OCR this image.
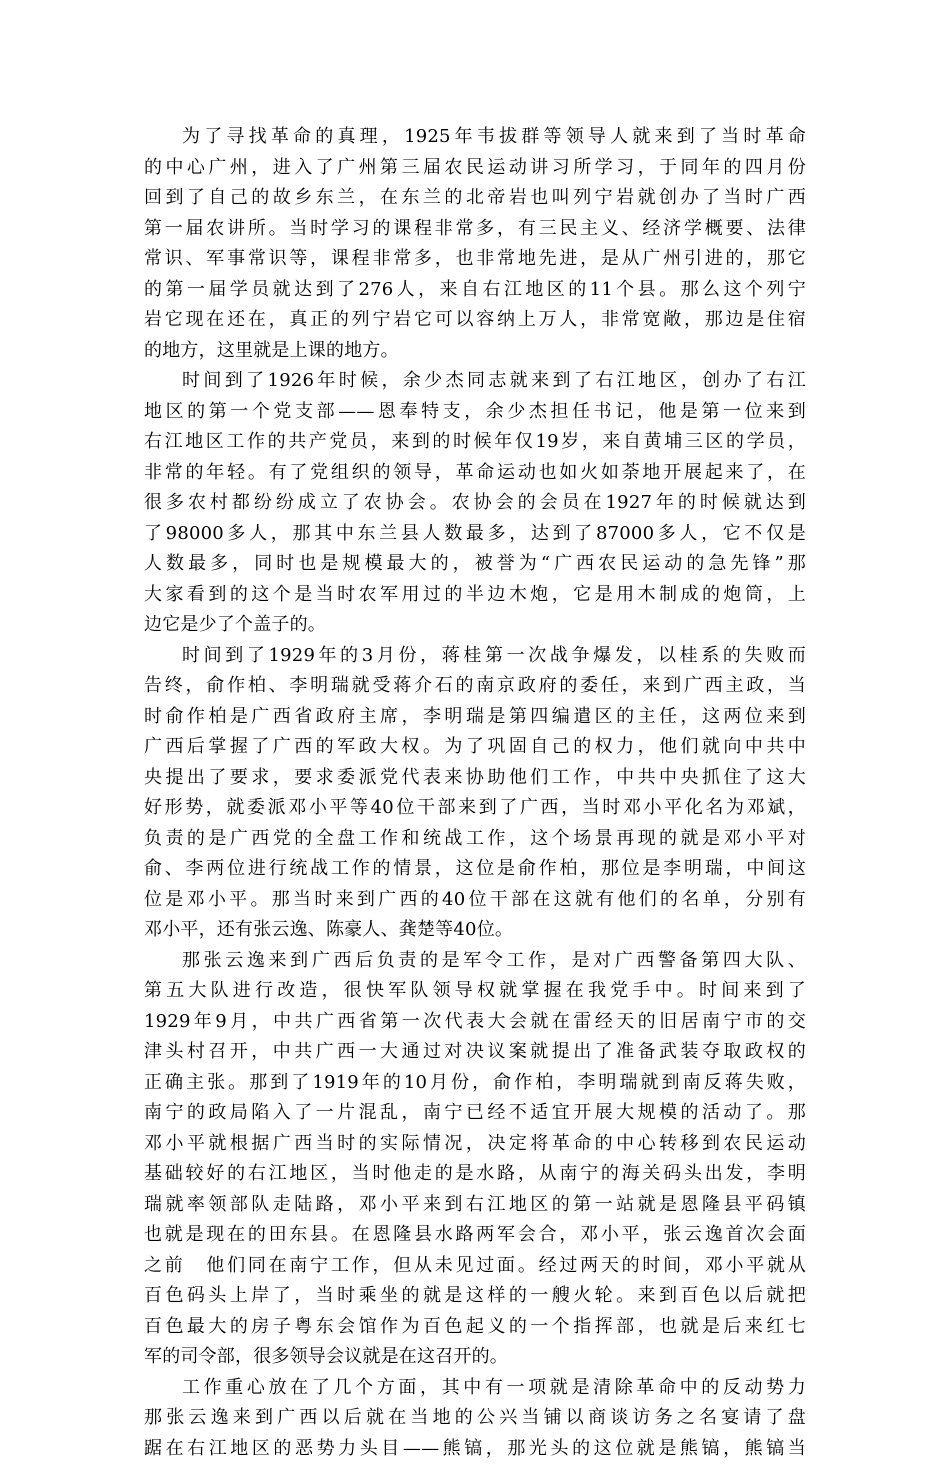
为了寻找革命的真理，1925年韦拔群等领导人就来到了当时革命
的中心广州，进入了广州第三届农民运动讲习所学习，于同年的四月份
回到了自己的故乡东兰，在东兰的北帝岩也叫列宁岩就创办了当时广西
第一届农讲所。当时学习的课程非常多，有三民主义、经济学概要、法律
常识、军事常识等，课程非常多，也非常地先进，是从广州引进的，那它
的第一届学员就达到了276人，来自右江地区的11个县。那么这个列宁
岩它现在还在，真正的列宁岩它可以容纳上万人，非常宽敞，那边是住宿
的地方，这里就是上课的地方。
时间到了1926年时候，余少杰同志就来到了右江地区，创办了右江
地区的第一个党支部——恩奉特支，余少杰担任书记，他是第一位来到
右江地区工作的共产党员，来到的时候年仅19岁，来自黄埔三区的学员，
非常的年轻。有了党组织的领导，革命运动也如火如荼地开展起来了，在
很多农村都纷纷成立了农协会。农协会的会员在1927年的时候就达到
了98000多人，那其中东兰县人数最多，达到了87000多人，它不仅是
人数最多，同时也是规模最大的，被誉为“广西农民运动的急先锋”那
大家看到的这个是当时农军用过的半边木炮，它是用木制成的炮筒，上
边它是少了个盖子的。
时间到了1929年的3月份，蒋桂第一次战争爆发，以桂系的失败而
告终，俞作柏、李明瑞就受蒋介石的南京政府的委任，来到广西主政，当
时俞作柏是广西省政府主席，李明瑞是第四编遣区的主任，这两位来到
广西后掌握了广西的军政大权。为了巩固自己的权力，他们就向中共中
央提出了要求，要求委派党代表来协助他们工作，中共中央抓住了这大
好形势，就委派邓小平等40位干部来到了广西，当时邓小平化名为邓斌，
负责的是广西党的全盘工作和统战工作，这个场景再现的就是邓小平对
俞、李两位进行统战工作的情景，这位是俞作柏，那位是李明瑞，中间这
位是邓小平。那当时来到广西的40位干部在这就有他们的名单，分别有
邓小平，还有张云逸、陈豪人、龚楚等40位。
那张云逸来到广西后负责的是军令工作，是对广西警备第四大队、
第五大队进行改造，很快军队领导权就掌握在我党手中。时间来到了
1929年9月，中共广西省第一次代表大会就在雷经天的旧居南宁市的交
津头村召开，中共广西一大通过对决议案就提出了准备武装夺取政权的
正确主张。那到了1919年的10月份，俞作柏，李明瑞就到南反蒋失败，
南宁的政局陷入了一片混乱，南宁已经不适宜开展大规模的活动了。那
邓小平就根据广西当时的实际情况，决定将革命的中心转移到农民运动
基础较好的右江地区，当时他走的是水路，从南宁的海关码头出发，李明
瑞就率领部队走陆路，邓小平来到右江地区的第一站就是恩隆县平码镇
也就是现在的田东县。在恩隆县水路两军会合，邓小平，张云逸首次会面
之前　他们同在南宁工作，但从未见过面。经过两天的时间，邓小平就从
百色码头上岸了，当时乘坐的就是这样的一艘火轮。来到百色以后就把
百色最大的房子粤东会馆作为百色起义的一个指挥部，也就是后来红七
军的司令部，很多领导会议就是在这召开的。
工作重心放在了几个方面，其中有一项就是清除革命中的反动势力
那张云逸来到广西以后就在当地的公兴当铺以商谈访务之名宴请了盘
踞在右江地区的恶势力头目——熊镐，那光头的这位就是熊镐，熊镐当
